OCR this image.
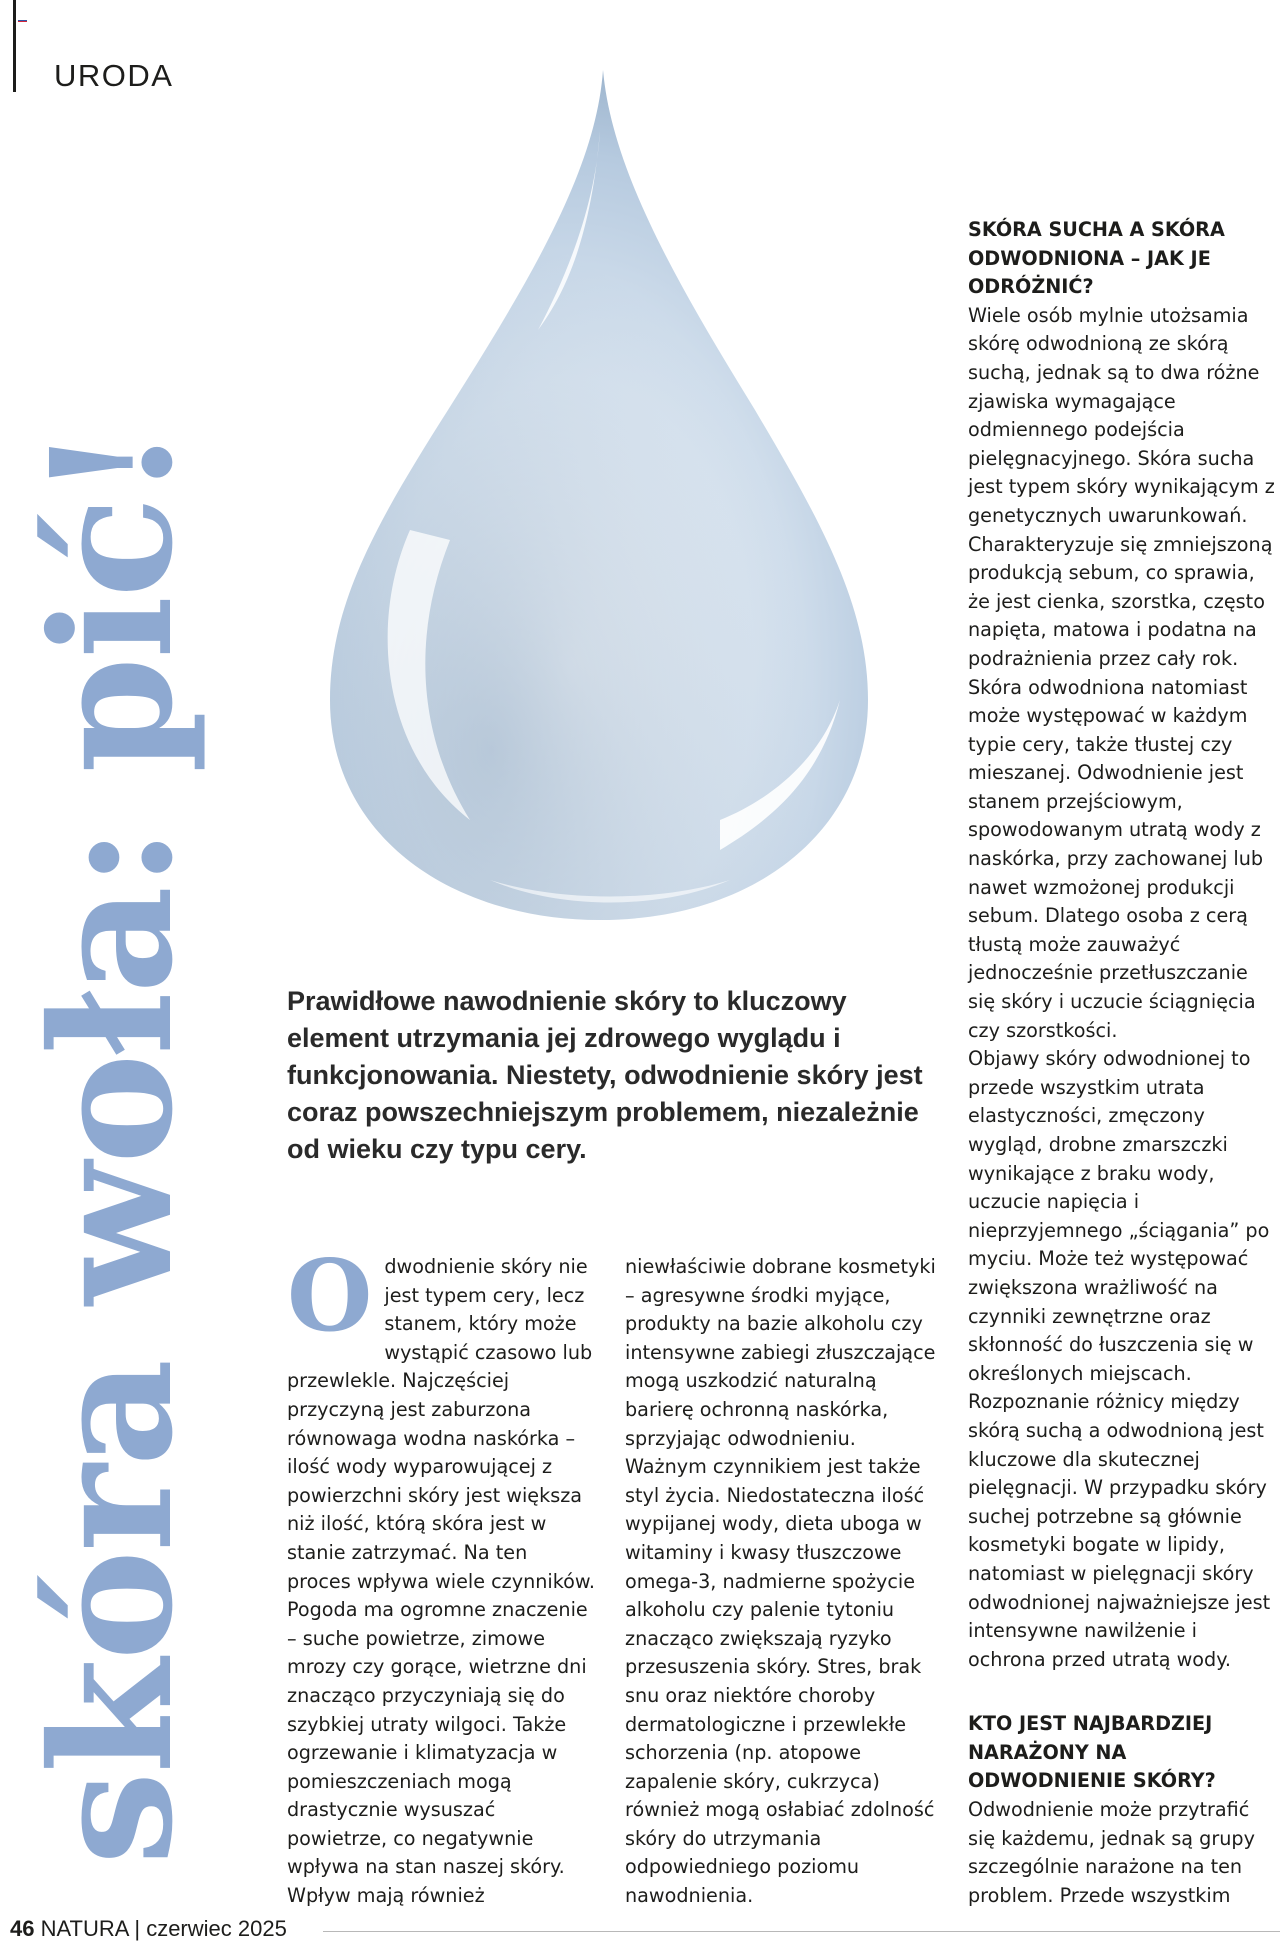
URODA
skóra woła: pić!	Prawidłowe nawodnienie skóry to kluczowy element utrzymania jej zdrowego wyglądu i funkcjonowania. Niestety, odwodnienie skóry jest coraz powszechniejszym problemem, niezależnie od wieku czy typu cery.
O dwodnienie skóry nie jest typem cery, lecz stanem, który może wystąpić czasowo lub przewlekle. Najczęściej przyczyną jest zaburzona równowaga wodna naskórka – ilość wody wyparowującej z powierzchni skóry jest większa niż ilość, którą skóra jest w stanie zatrzymać. Na ten proces wpływa wiele czynników.

Pogoda ma ogromne znaczenie – suche powietrze, zimowe mrozy czy gorące, wietrzne dni znacząco przyczyniają się do szybkiej utraty wilgoci. Także ogrzewanie i klimatyzacja w pomieszczeniach mogą drastycznie wysuszać powietrze, co negatywnie wpływa na stan naszej skóry. Wpływ mają również

niewłaściwie dobrane kosmetyki – agresywne środki myjące, produkty na bazie alkoholu czy intensywne zabiegi złuszczające mogą uszkodzić naturalną barierę ochronną naskórka, sprzyjając odwodnieniu.

Ważnym czynnikiem jest także styl życia. Niedostateczna ilość wypijanej wody, dieta uboga w witaminy i kwasy tłuszczowe omega-3, nadmierne spożycie alkoholu czy palenie tytoniu znacząco zwiększają ryzyko przesuszenia skóry. Stres, brak snu oraz niektóre choroby dermatologiczne i przewlekłe schorzenia (np. atopowe zapalenie skóry, cukrzyca) również mogą osłabiać zdolność skóry do utrzymania odpowiedniego poziomu nawodnienia.

SKÓRA SUCHA A SKÓRA ODWODNIONA – JAK JE ODRÓŻNIĆ?

Wiele osób mylnie utożsamia skórę odwodnioną ze skórą suchą, jednak są to dwa różne zjawiska wymagające odmiennego podejścia pielęgnacyjnego. Skóra sucha jest typem skóry wynikającym z genetycznych uwarunkowań. Charakteryzuje się zmniejszoną produkcją sebum, co sprawia, że jest cienka, szorstka, często napięta, matowa i podatna na podrażnienia przez cały rok.

Skóra odwodniona natomiast może występować w każdym typie cery, także tłustej czy mieszanej. Odwodnienie jest stanem przejściowym, spowodowanym utratą wody z naskórka, przy zachowanej lub nawet wzmożonej produkcji sebum. Dlatego osoba z cerą tłustą może zauważyć jednocześnie przetłuszczanie się skóry i uczucie ściągnięcia czy szorstkości.

Objawy skóry odwodnionej to przede wszystkim utrata elastyczności, zmęczony wygląd, drobne zmarszczki wynikające z braku wody, uczucie napięcia i nieprzyjemnego „ściągania” po myciu. Może też występować zwiększona wrażliwość na czynniki zewnętrzne oraz skłonność do łuszczenia się w określonych miejscach.

Rozpoznanie różnicy między skórą suchą a odwodnioną jest kluczowe dla skutecznej pielęgnacji. W przypadku skóry suchej potrzebne są głównie kosmetyki bogate w lipidy, natomiast w pielęgnacji skóry odwodnionej najważniejsze jest intensywne nawilżenie i ochrona przed utratą wody.

KTO JEST NAJBARDZIEJ NARAŻONY NA ODWODNIENIE SKÓRY?

Odwodnienie może przytrafić się każdemu, jednak są grupy szczególnie narażone na ten problem. Przede wszystkim

46 NATURA | czerwiec 2025
